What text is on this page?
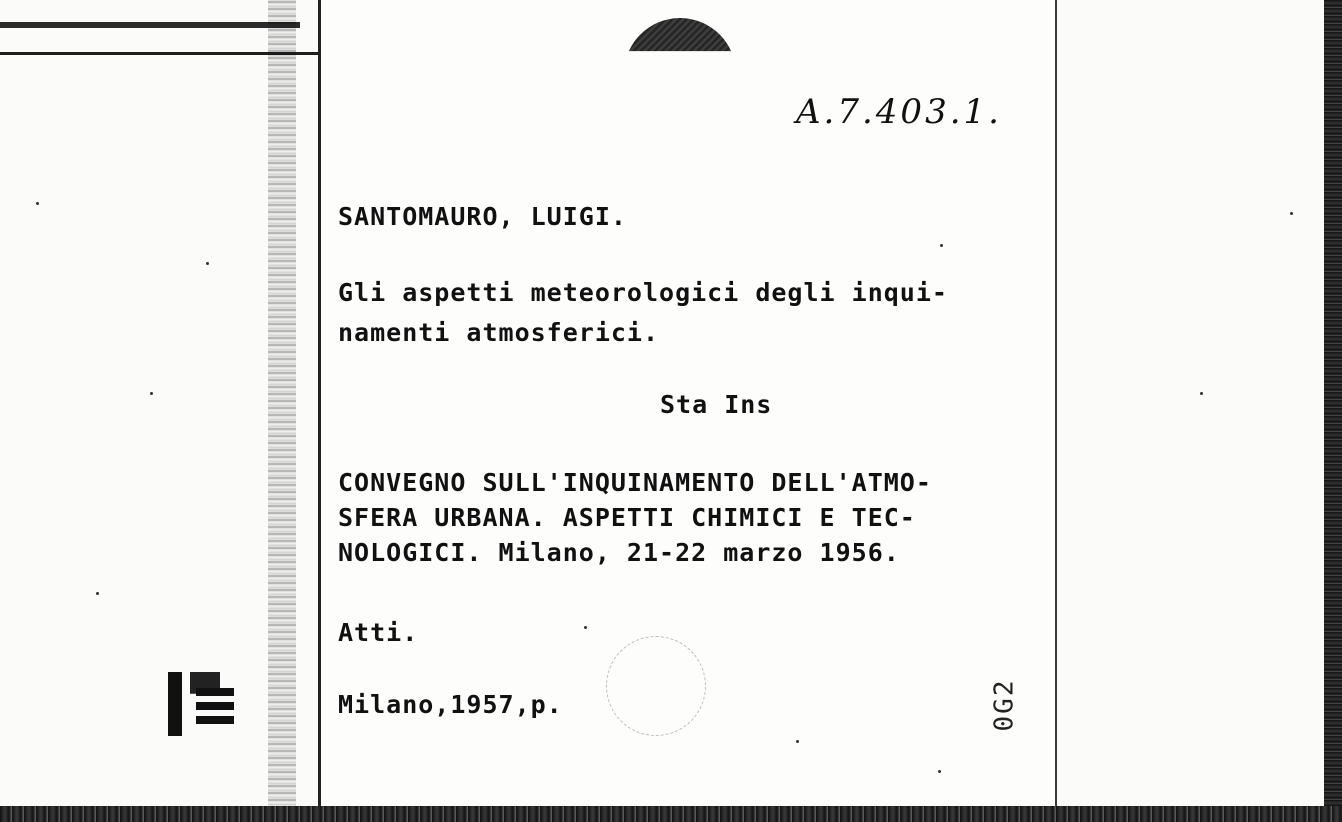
A.7.403.1.

SANTOMAURO, LUIGI.

Gli aspetti meteorologici degli inqui-

namenti atmosferici.

Sta Ins

CONVEGNO SULL'INQUINAMENTO DELL'ATMO-

SFERA URBANA. ASPETTI CHIMICI E TEC-

NOLOGICI. Milano, 21-22 marzo 1956.

Atti.

Milano,1957,p.	0G2
